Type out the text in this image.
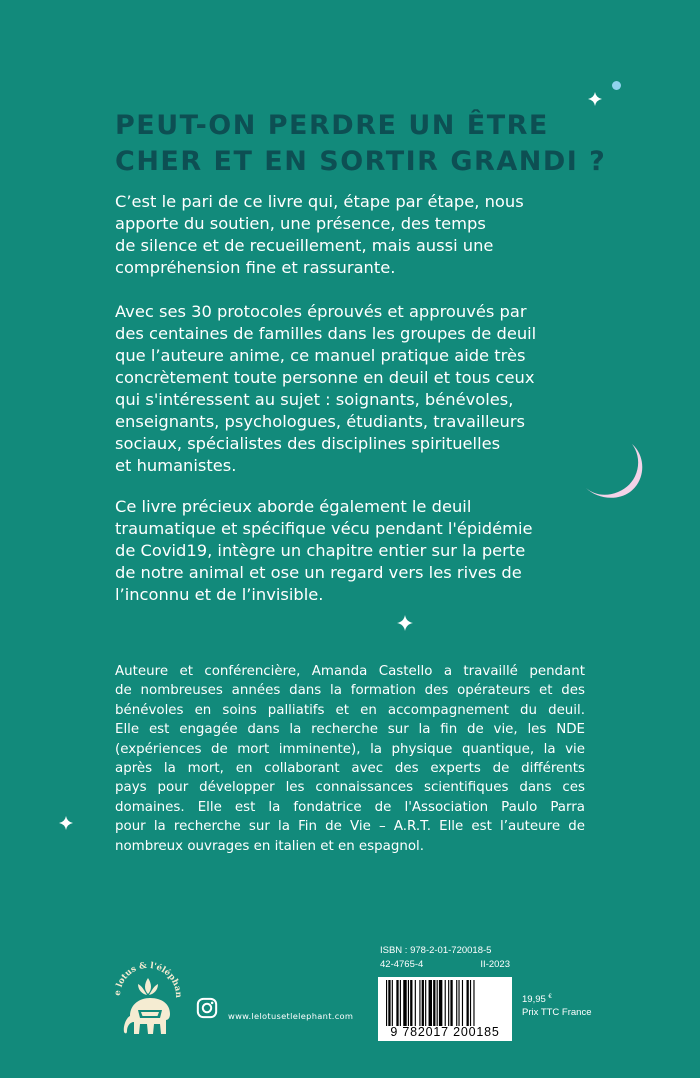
PEUT-ON PERDRE UN ÊTRE
CHER ET EN SORTIR GRANDI ?

C’est le pari de ce livre qui, étape par étape, nous
apporte du soutien, une présence, des temps
de silence et de recueillement, mais aussi une
compréhension fine et rassurante.

Avec ses 30 protocoles éprouvés et approuvés par
des centaines de familles dans les groupes de deuil
que l’auteure anime, ce manuel pratique aide très
concrètement toute personne en deuil et tous ceux
qui s'intéressent au sujet : soignants, bénévoles,
enseignants, psychologues, étudiants, travailleurs
sociaux, spécialistes des disciplines spirituelles
et humanistes.

Ce livre précieux aborde également le deuil
traumatique et spécifique vécu pendant l'épidémie
de Covid19, intègre un chapitre entier sur la perte
de notre animal et ose un regard vers les rives de
l’inconnu et de l’invisible.

Auteure et conférencière, Amanda Castello a travaillé pendant
de nombreuses années dans la formation des opérateurs et des
bénévoles en soins palliatifs et en accompagnement du deuil.
Elle est engagée dans la recherche sur la fin de vie, les NDE
(expériences de mort imminente), la physique quantique, la vie
après la mort, en collaborant avec des experts de différents
pays pour développer les connaissances scientifiques dans ces
domaines. Elle est la fondatrice de l'Association Paulo Parra
pour la recherche sur la Fin de Vie – A.R.T. Elle est l’auteure de
nombreux ouvrages en italien et en espagnol.

e lotus & l'éléphan
www.lelotusetlelephant.com
ISBN : 978-2-01-720018-5
42-4765-4	II-2023
9 782017 200185
19,95 €
Prix TTC France
